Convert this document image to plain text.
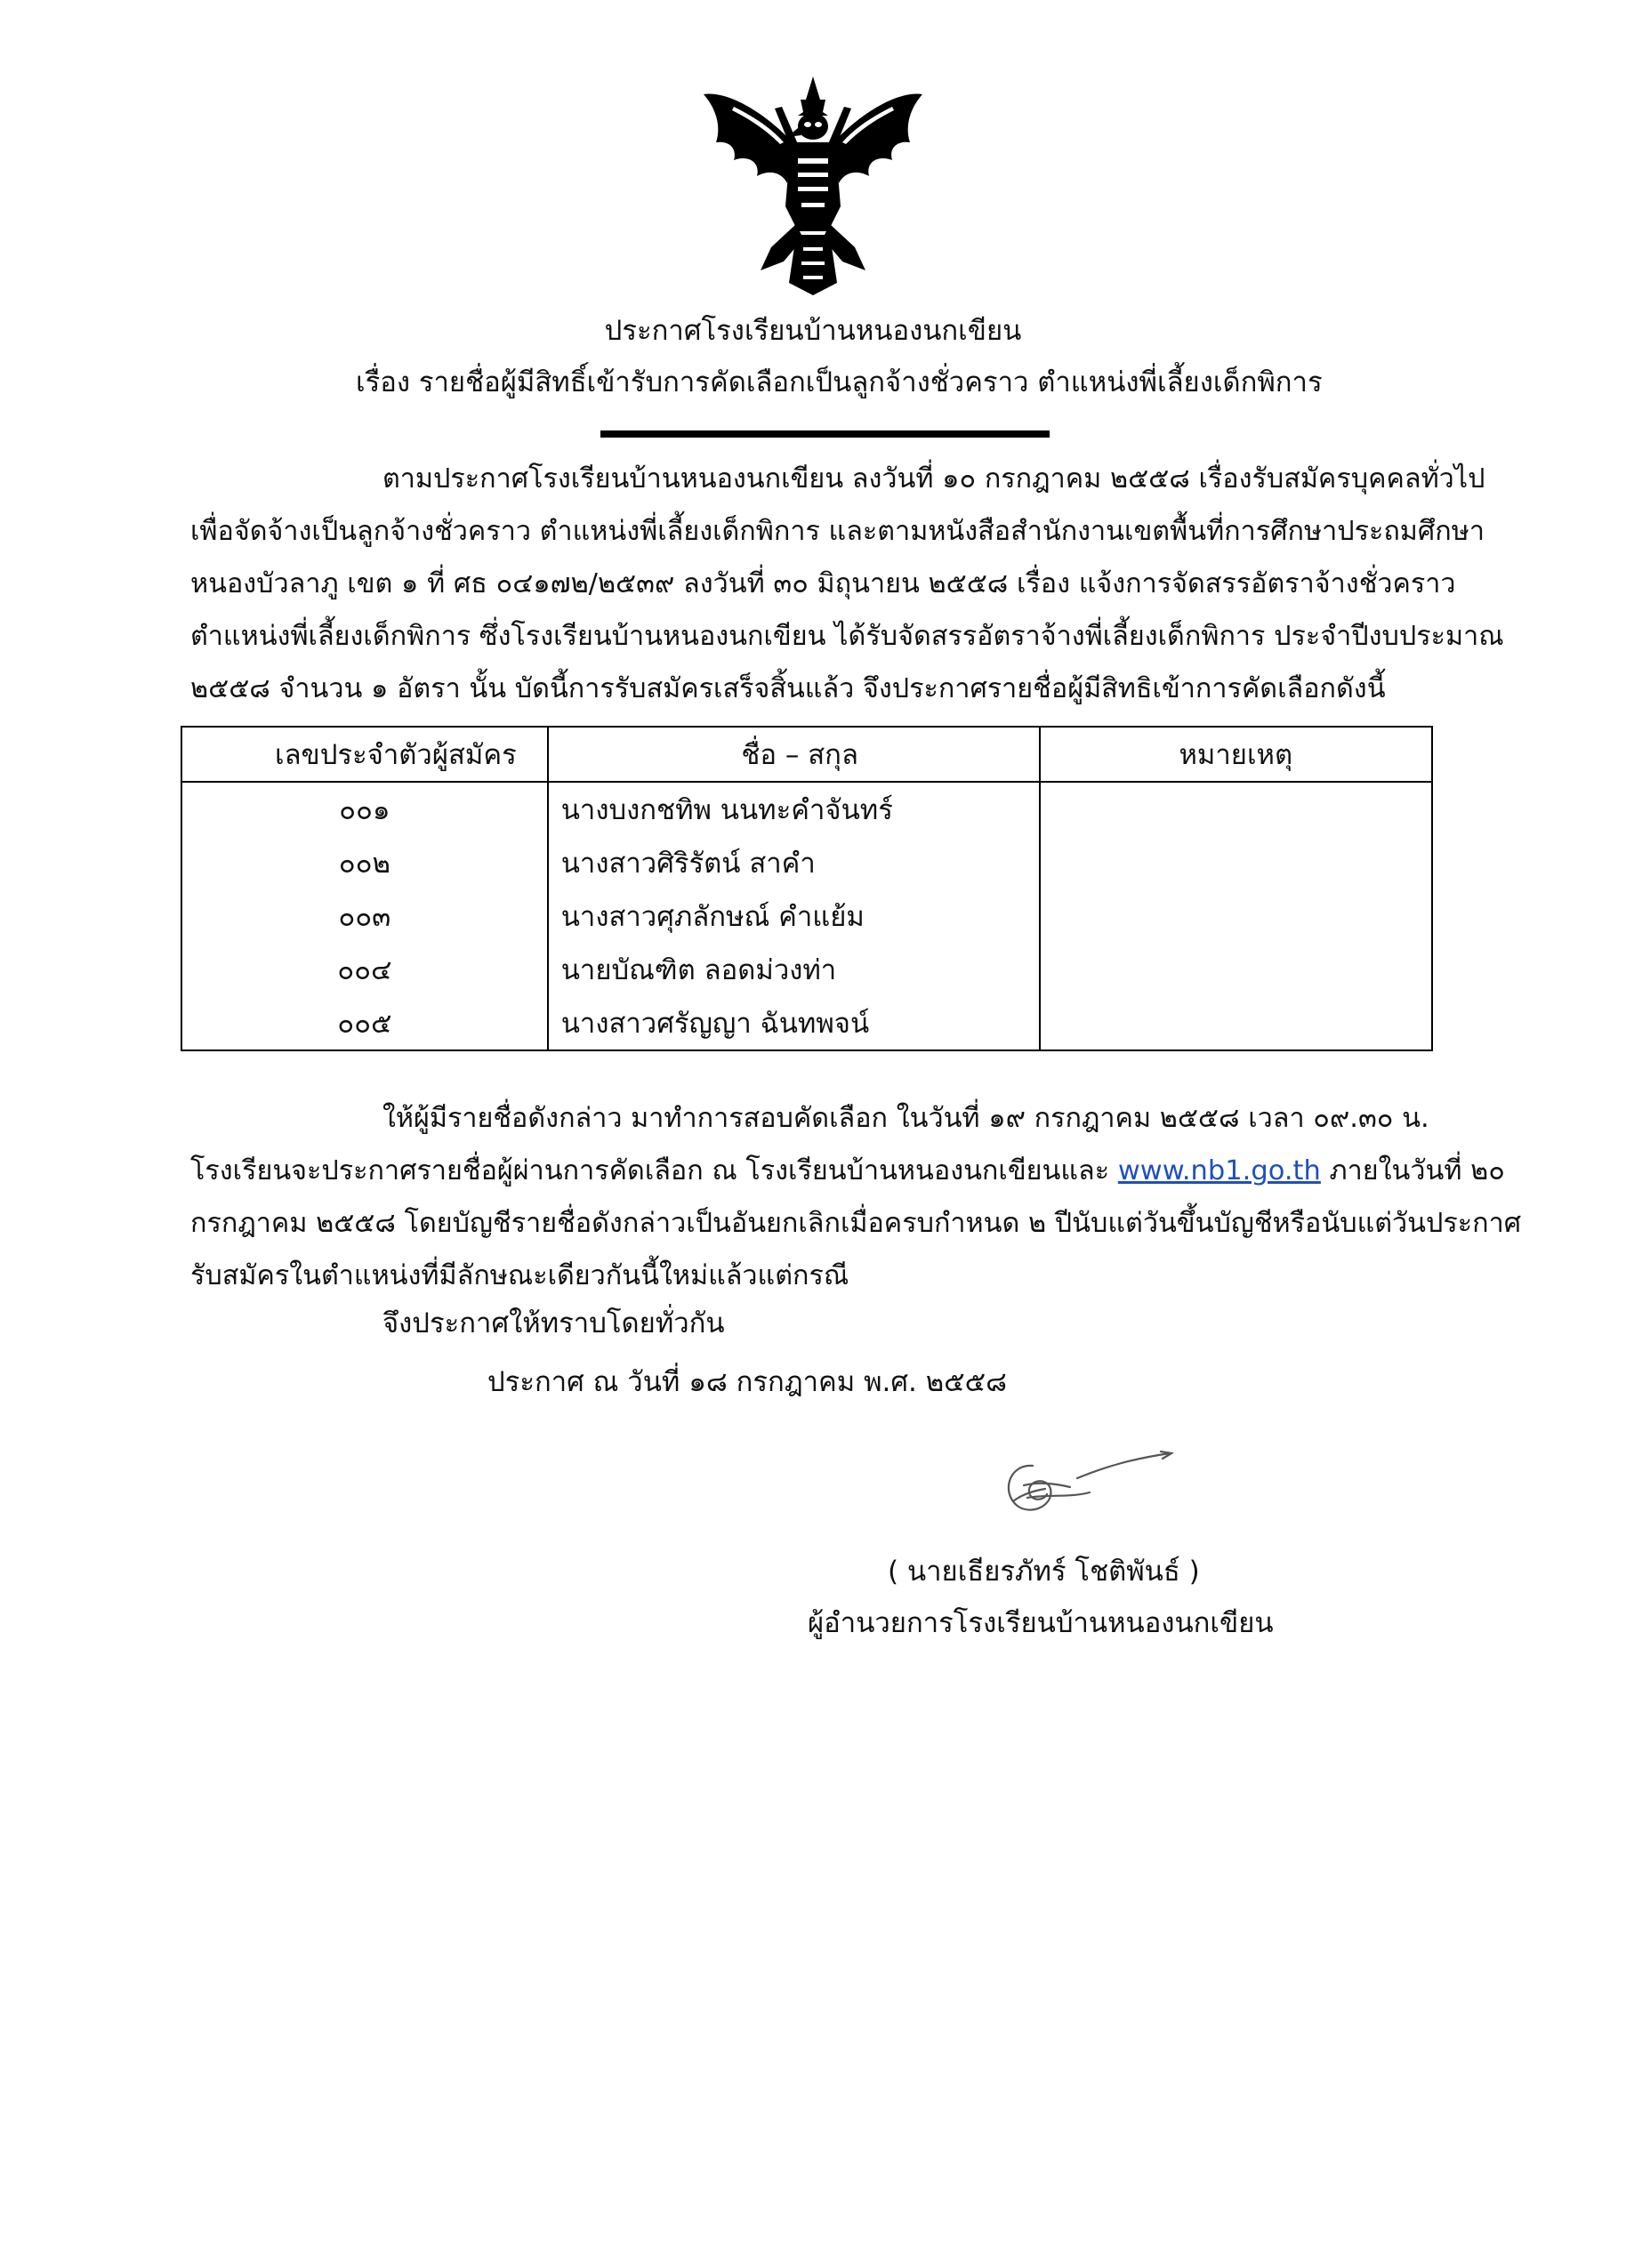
ประกาศโรงเรียนบ้านหนองนกเขียน
เรื่อง รายชื่อผู้มีสิทธิ์เข้ารับการคัดเลือกเป็นลูกจ้างชั่วคราว ตำแหน่งพี่เลี้ยงเด็กพิการ
ตามประกาศโรงเรียนบ้านหนองนกเขียน ลงวันที่ ๑๐ กรกฎาคม ๒๕๕๘ เรื่องรับสมัครบุคคลทั่วไป
เพื่อจัดจ้างเป็นลูกจ้างชั่วคราว ตำแหน่งพี่เลี้ยงเด็กพิการ และตามหนังสือสำนักงานเขตพื้นที่การศึกษาประถมศึกษา
หนองบัวลาภู เขต ๑ ที่ ศธ ๐๔๑๗๒/๒๕๓๙ ลงวันที่ ๓๐ มิถุนายน ๒๕๕๘ เรื่อง แจ้งการจัดสรรอัตราจ้างชั่วคราว
ตำแหน่งพี่เลี้ยงเด็กพิการ ซึ่งโรงเรียนบ้านหนองนกเขียน ได้รับจัดสรรอัตราจ้างพี่เลี้ยงเด็กพิการ ประจำปีงบประมาณ
๒๕๕๘ จำนวน ๑ อัตรา นั้น บัดนี้การรับสมัครเสร็จสิ้นแล้ว จึงประกาศรายชื่อผู้มีสิทธิเข้าการคัดเลือกดังนี้
เลขประจำตัวผู้สมัคร	ชื่อ – สกุล	หมายเหตุ
๐๐๑	นางบงกชทิพ นนทะคำจันทร์	
๐๐๒	นางสาวศิริรัตน์ สาคำ	
๐๐๓	นางสาวศุภลักษณ์ คำแย้ม	
๐๐๔	นายบัณฑิต ลอดม่วงท่า	
๐๐๕	นางสาวศรัญญา ฉันทพจน์	
ให้ผู้มีรายชื่อดังกล่าว มาทำการสอบคัดเลือก ในวันที่ ๑๙ กรกฎาคม ๒๕๕๘ เวลา ๐๙.๓๐ น.
โรงเรียนจะประกาศรายชื่อผู้ผ่านการคัดเลือก ณ โรงเรียนบ้านหนองนกเขียนและ www.nb1.go.th ภายในวันที่ ๒๐
กรกฎาคม ๒๕๕๘ โดยบัญชีรายชื่อดังกล่าวเป็นอันยกเลิกเมื่อครบกำหนด ๒ ปีนับแต่วันขึ้นบัญชีหรือนับแต่วันประกาศ
รับสมัครในตำแหน่งที่มีลักษณะเดียวกันนี้ใหม่แล้วแต่กรณี
จึงประกาศให้ทราบโดยทั่วกัน
ประกาศ ณ วันที่ ๑๘ กรกฎาคม พ.ศ. ๒๕๕๘
( นายเธียรภัทร์ โชติพันธ์ )
ผู้อำนวยการโรงเรียนบ้านหนองนกเขียน
